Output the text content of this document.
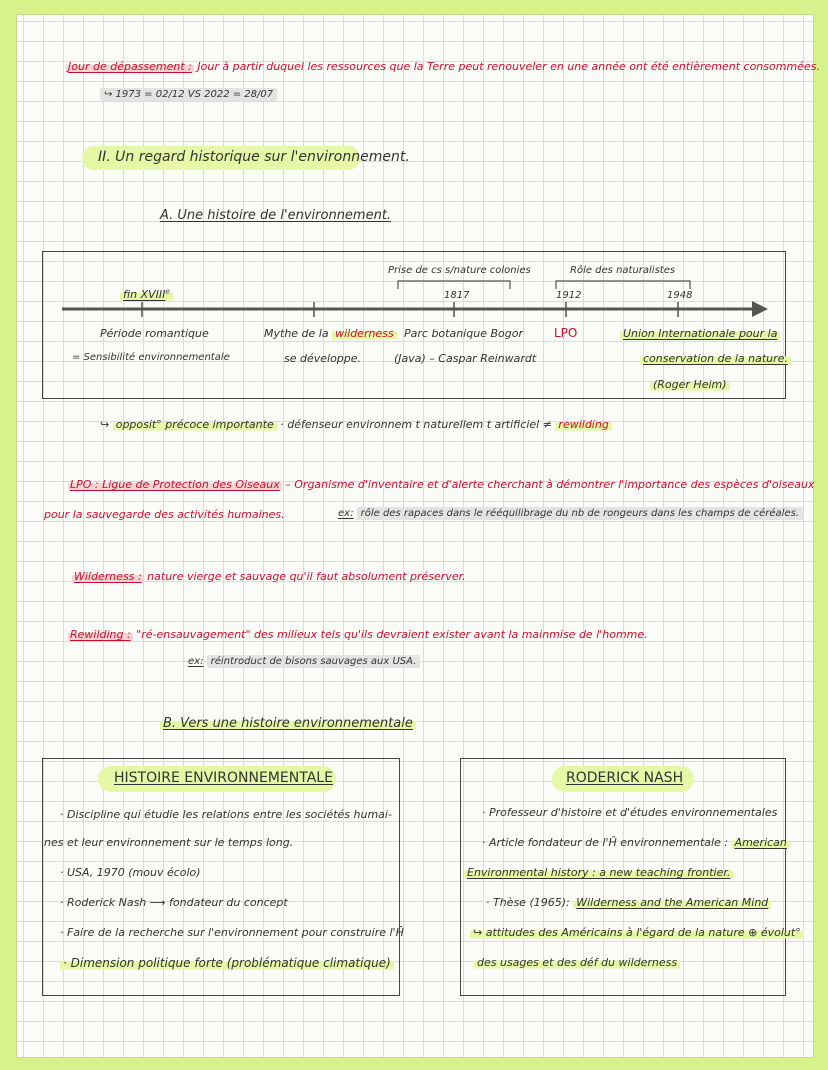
Jour de dépassement : Jour à partir duquel les ressources que la Terre peut renouveler en une année ont été entièrement consommées.
↪ 1973 = 02/12 VS 2022 = 28/07
II. Un regard historique sur l'environnement.
A. Une histoire de l'environnement.
fin XVIIIe
Prise de cs s/nature colonies
1817
Rôle des naturalistes
1912	1948
Période romantique
= Sensibilité environnementale
Mythe de la wilderness
se développe.
Parc botanique Bogor
(Java) – Caspar Reinwardt
LPO	Union Internationale pour la
conservation de la nature.
(Roger Heim)
↪ opposit° précoce importante · défenseur environnem t naturellem t artificiel ≠ rewilding
LPO : Ligue de Protection des Oiseaux – Organisme d'inventaire et d'alerte cherchant à démontrer l'importance des espèces d'oiseaux
pour la sauvegarde des activités humaines.	ex: rôle des rapaces dans le rééquilibrage du nb de rongeurs dans les champs de céréales.
Wilderness : nature vierge et sauvage qu'il faut absolument préserver.
Rewilding : "ré-ensauvagement" des milieux tels qu'ils devraient exister avant la mainmise de l'homme.
ex: réintroduct de bisons sauvages aux USA.
B. Vers une histoire environnementale
HISTOIRE ENVIRONNEMENTALE
· Discipline qui étudie les relations entre les sociétés humai-
nes et leur environnement sur le temps long.
· USA, 1970 (mouv écolo)
· Roderick Nash ⟶ fondateur du concept
· Faire de la recherche sur l'environnement pour construire l'Ĥ
· Dimension politique forte (problématique climatique)
RODERICK NASH
· Professeur d'histoire et d'études environnementales
· Article fondateur de l'Ĥ environnementale : American
Environmental history : a new teaching frontier.
· Thèse (1965): Wilderness and the American Mind
↪ attitudes des Américains à l'égard de la nature ⊕ évolut°
des usages et des déf du wilderness
